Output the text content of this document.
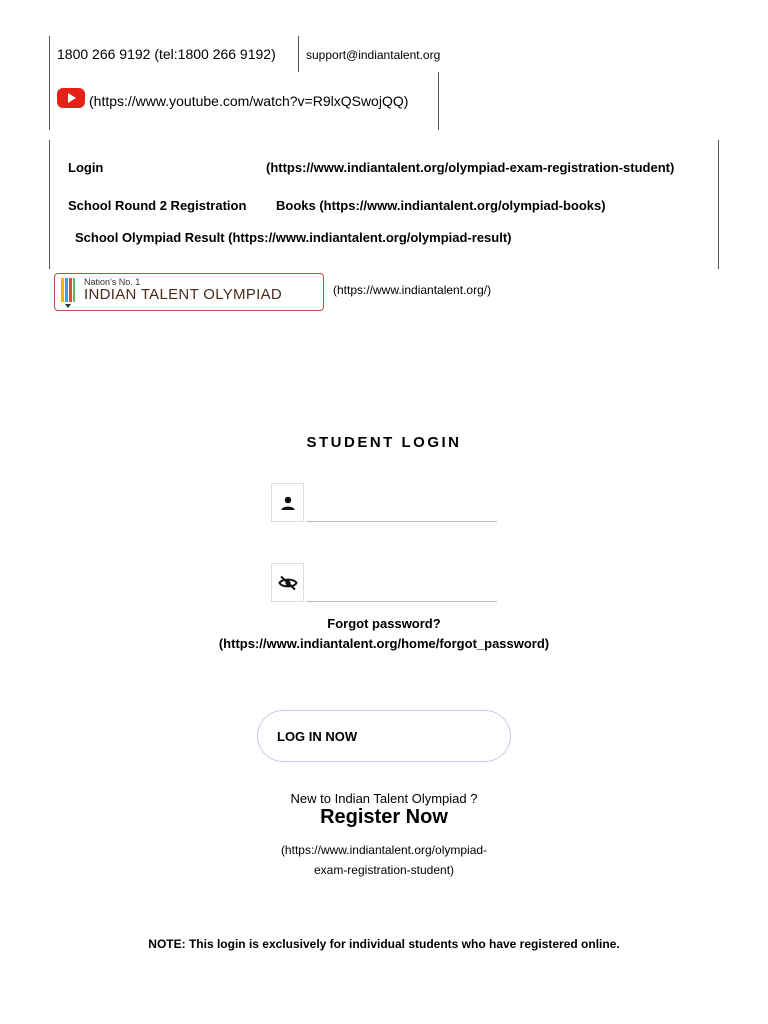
1800 266 9192 (tel:1800 266 9192)	support@indiantalent.org
(https://www.youtube.com/watch?v=R9lxQSwojQQ)
Login	(https://www.indiantalent.org/olympiad-exam-registration-student)
School Round 2 Registration Books (https://www.indiantalent.org/olympiad-books)
School Olympiad Result (https://www.indiantalent.org/olympiad-result)
Nation's No. 1
INDIAN TALENT OLYMPIAD	(https://www.indiantalent.org/)
STUDENT LOGIN
Forgot password?
(https://www.indiantalent.org/home/forgot_password)
LOG IN NOW
New to Indian Talent Olympiad ?
Register Now
(https://www.indiantalent.org/olympiad-
exam-registration-student)
NOTE: This login is exclusively for individual students who have registered online.
